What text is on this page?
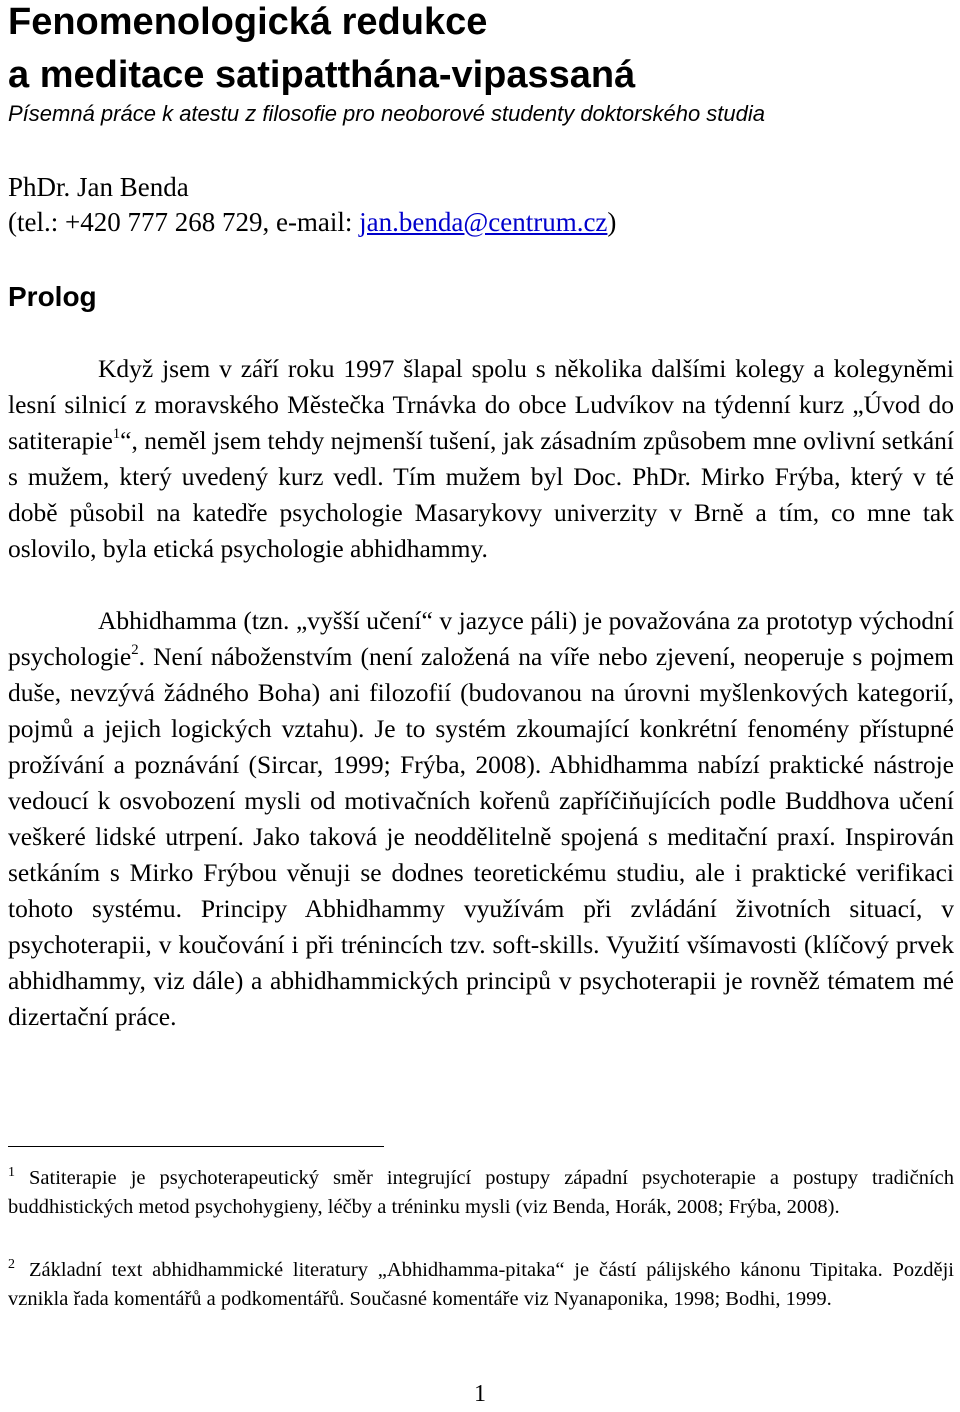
Fenomenologická redukce
a meditace satipatthána-vipassaná
Písemná práce k atestu z filosofie pro neoborové studenty doktorského studia
PhDr. Jan Benda
(tel.: +420 777 268 729, e-mail: jan.benda@centrum.cz)
Prolog

Když jsem v září roku 1997 šlapal spolu s několika dalšími kolegy a kolegyněmi lesní silnicí z moravského Městečka Trnávka do obce Ludvíkov na týdenní kurz „Úvod do satiterapie$^1$“, neměl jsem tehdy nejmenší tušení, jak zásadním způsobem mne ovlivní setkání s mužem, který uvedený kurz vedl. Tím mužem byl Doc. PhDr. Mirko Frýba, který v té době působil na katedře psychologie Masarykovy univerzity v Brně a tím, co mne tak oslovilo, byla etická psychologie abhidhammy.

Abhidhamma (tzn. „vyšší učení“ v jazyce páli) je považována za prototyp východní psychologie$^2$. Není náboženstvím (není založená na víře nebo zjevení, neoperuje s pojmem duše, nevzývá žádného Boha) ani filozofií (budovanou na úrovni myšlenkových kategorií, pojmů a jejich logických vztahu). Je to systém zkoumající konkrétní fenomény přístupné prožívání a poznávání (Sircar, 1999; Frýba, 2008). Abhidhamma nabízí praktické nástroje vedoucí k osvobození mysli od motivačních kořenů zapříčiňujících podle Buddhova učení veškeré lidské utrpení. Jako taková je neoddělitelně spojená s meditační praxí. Inspirován setkáním s Mirko Frýbou věnuji se dodnes teoretickému studiu, ale i praktické verifikaci tohoto systému. Principy Abhidhammy využívám při zvládání životních situací, v psychoterapii, v koučování i při trénincích tzv. soft-skills. Využití všímavosti (klíčový prvek abhidhammy, viz dále) a abhidhammických principů v psychoterapii je rovněž tématem mé dizertační práce.

$^1$ Satiterapie je psychoterapeutický směr integrující postupy západní psychoterapie a postupy tradičních buddhistických metod psychohygieny, léčby a tréninku mysli (viz Benda, Horák, 2008; Frýba, 2008).

$^2$ Základní text abhidhammické literatury „Abhidhamma-pitaka“ je částí pálijského kánonu Tipitaka. Později vznikla řada komentářů a podkomentářů. Současné komentáře viz Nyanaponika, 1998; Bodhi, 1999.

1
